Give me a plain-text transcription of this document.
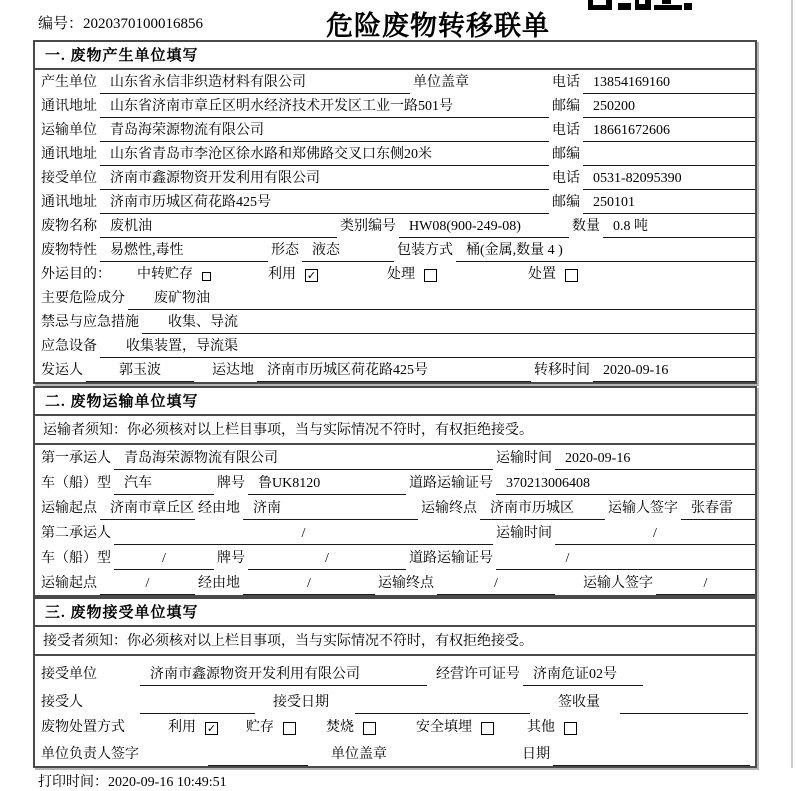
编号：2020370100016856	危险废物转移联单
一. 废物产生单位填写
产生单位 山东省永信非织造材料有限公司	单位盖章	电话 13854169160
通讯地址 山东省济南市章丘区明水经济技术开发区工业一路501号	邮编 250200
运输单位 青岛海荣源物流有限公司	电话 18661672606
通讯地址 山东省青岛市李沧区徐水路和郑佛路交叉口东侧20米	邮编
接受单位 济南市鑫源物资开发利用有限公司	电话 0531-82095390
通讯地址 济南市历城区荷花路425号	邮编 250101
废物名称 废机油	类别编号 HW08(900-249-08)	数量 0.8 吨
废物特性 易燃性,毒性	形态 液态	包装方式 桶(金属,数量 4 )
外运目的： 中转贮存	利用 ✓	处理	处置
主要危险成分	废矿物油
禁忌与应急措施	收集、导流
应急设备	收集装置，导流渠
发运人	郭玉波	运达地 济南市历城区荷花路425号	转移时间 2020-09-16
二. 废物运输单位填写
运输者须知：你必须核对以上栏目事项，当与实际情况不符时，有权拒绝接受。
第一承运人 青岛海荣源物流有限公司	运输时间 2020-09-16
车（船）型 汽车	牌号 鲁UK8120	道路运输证号 370213006408
运输起点 济南市章丘区 经由地 济南	运输终点 济南市历城区	运输人签字 张春雷
第二承运人	/	运输时间	/
车（船）型	/	牌号	/	道路运输证号	/
运输起点	/	经由地	/	运输终点	/	运输人签字	/
三. 废物接受单位填写
接受者须知：你必须核对以上栏目事项，当与实际情况不符时，有权拒绝接受。
接受单位	济南市鑫源物资开发利用有限公司	经营许可证号 济南危证02号
接受人	接受日期	签收量
废物处置方式	利用 ✓ 贮存	焚烧	安全填埋	其他
单位负责人签字	单位盖章	日期
打印时间：2020-09-16 10:49:51
